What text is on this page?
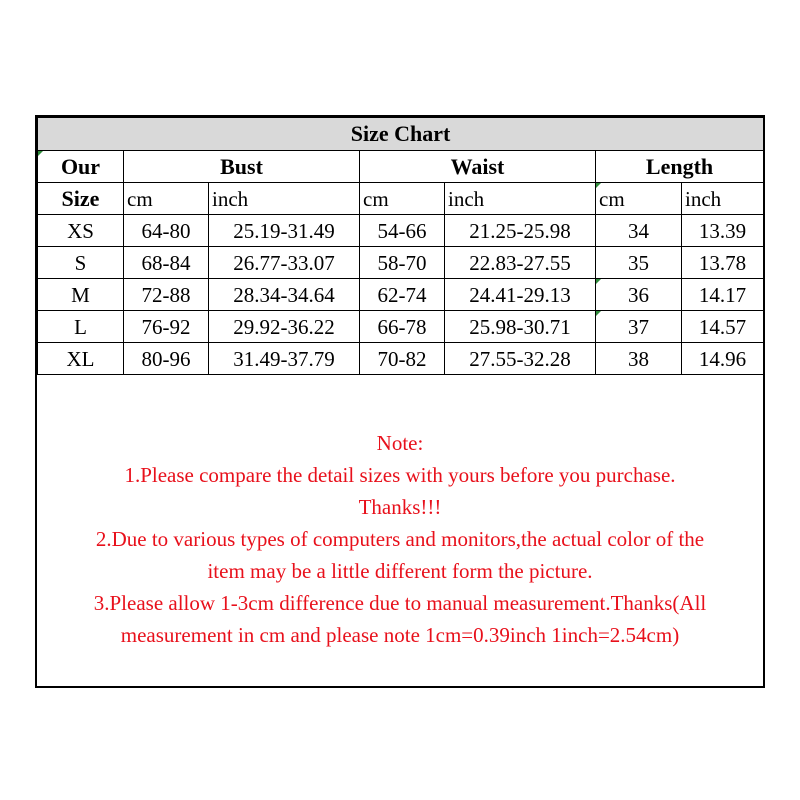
Size Chart						
Our	Bust		Waist		Length	
Size	cm	inch	cm	inch	cm	inch
XS	64-80	25.19-31.49	54-66	21.25-25.98	34	13.39
S	68-84	26.77-33.07	58-70	22.83-27.55	35	13.78
M	72-88	28.34-34.64	62-74	24.41-29.13	36	14.17
L	76-92	29.92-36.22	66-78	25.98-30.71	37	14.57
XL	80-96	31.49-37.79	70-82	27.55-32.28	38	14.96
Note:
1.Please compare the detail sizes with yours before you purchase.
Thanks!!!
2.Due to various types of computers and monitors,the actual color of the
item may be a little different form the picture.
3.Please allow 1-3cm difference due to manual measurement.Thanks(All
measurement in cm and please note 1cm=0.39inch 1inch=2.54cm)
